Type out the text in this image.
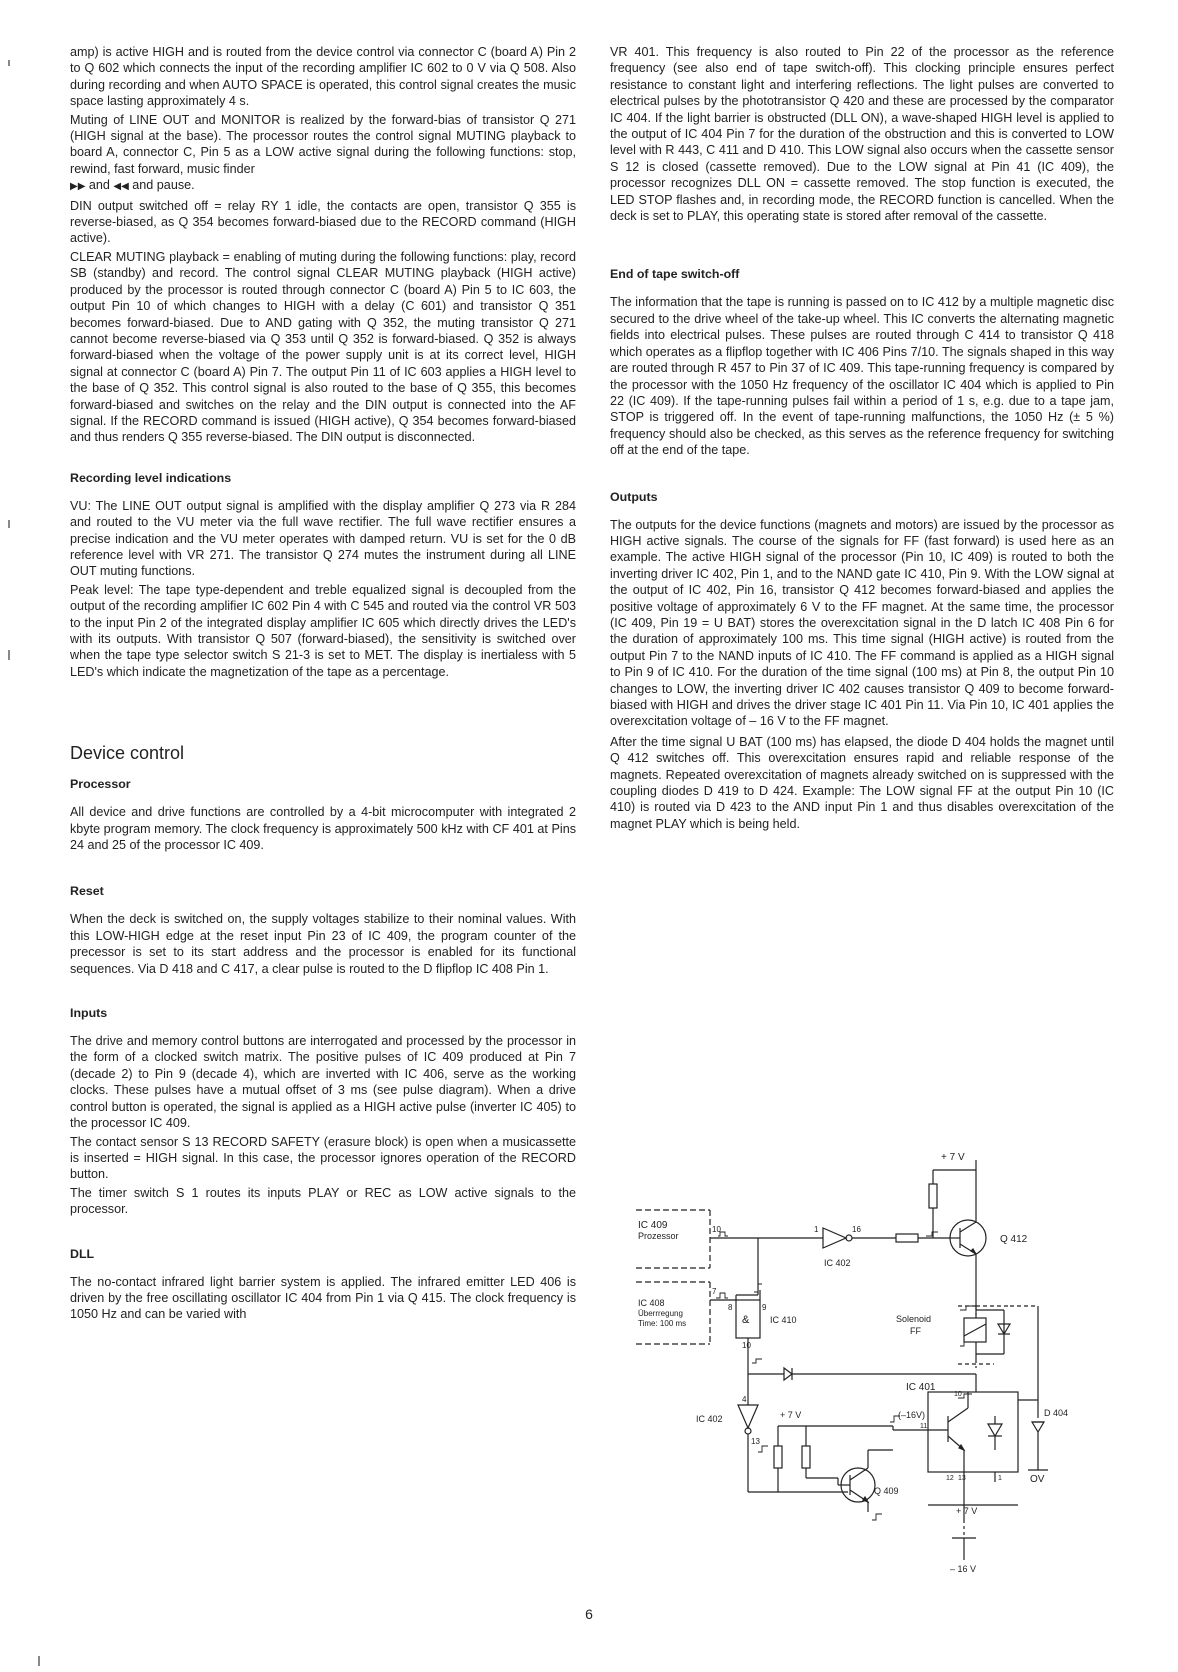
amp) is active HIGH and is routed from the device control via connector C (board A) Pin 2 to Q 602 which connects the input of the recording amplifier IC 602 to 0 V via Q 508. Also during recording and when AUTO SPACE is operated, this control signal creates the music space lasting approximately 4 s.

Muting of LINE OUT and MONITOR is realized by the forward-bias of transistor Q 271 (HIGH signal at the base). The processor routes the control signal MUTING playback to board A, connector C, Pin 5 as a LOW active signal during the following functions: stop, rewind, fast forward, music finder

▶▶ and ◀◀ and pause.

DIN output switched off = relay RY 1 idle, the contacts are open, transistor Q 355 is reverse-biased, as Q 354 becomes forward-biased due to the RECORD command (HIGH active).

CLEAR MUTING playback = enabling of muting during the following functions: play, record SB (standby) and record. The control signal CLEAR MUTING playback (HIGH active) produced by the processor is routed through connector C (board A) Pin 5 to IC 603, the output Pin 10 of which changes to HIGH with a delay (C 601) and transistor Q 351 becomes forward-biased. Due to AND gating with Q 352, the muting transistor Q 271 cannot become reverse-biased via Q 353 until Q 352 is forward-biased. Q 352 is always forward-biased when the voltage of the power supply unit is at its correct level, HIGH signal at connector C (board A) Pin 7. The output Pin 11 of IC 603 applies a HIGH level to the base of Q 352. This control signal is also routed to the base of Q 355, this becomes forward-biased and switches on the relay and the DIN output is connected into the AF signal. If the RECORD command is issued (HIGH active), Q 354 becomes forward-biased and thus renders Q 355 reverse-biased. The DIN output is disconnected.

Recording level indications

VU: The LINE OUT output signal is amplified with the display amplifier Q 273 via R 284 and routed to the VU meter via the full wave rectifier. The full wave rectifier ensures a precise indication and the VU meter operates with damped return. VU is set for the 0 dB reference level with VR 271. The transistor Q 274 mutes the instrument during all LINE OUT muting functions.

Peak level: The tape type-dependent and treble equalized signal is decoupled from the output of the recording amplifier IC 602 Pin 4 with C 545 and routed via the control VR 503 to the input Pin 2 of the integrated display amplifier IC 605 which directly drives the LED's with its outputs. With transistor Q 507 (forward-biased), the sensitivity is switched over when the tape type selector switch S 21-3 is set to MET. The display is inertialess with 5 LED's which indicate the magnetization of the tape as a percentage.

Device control
Processor

All device and drive functions are controlled by a 4-bit microcomputer with integrated 2 kbyte program memory. The clock frequency is approximately 500 kHz with CF 401 at Pins 24 and 25 of the processor IC 409.

Reset

When the deck is switched on, the supply voltages stabilize to their nominal values. With this LOW-HIGH edge at the reset input Pin 23 of IC 409, the program counter of the precessor is set to its start address and the processor is enabled for its functional sequences. Via D 418 and C 417, a clear pulse is routed to the D flipflop IC 408 Pin 1.

Inputs

The drive and memory control buttons are interrogated and processed by the processor in the form of a clocked switch matrix. The positive pulses of IC 409 produced at Pin 7 (decade 2) to Pin 9 (decade 4), which are inverted with IC 406, serve as the working clocks. These pulses have a mutual offset of 3 ms (see pulse diagram). When a drive control button is operated, the signal is applied as a HIGH active pulse (inverter IC 405) to the processor IC 409.

The contact sensor S 13 RECORD SAFETY (erasure block) is open when a musicassette is inserted = HIGH signal. In this case, the processor ignores operation of the RECORD button.

The timer switch S 1 routes its inputs PLAY or REC as LOW active signals to the processor.

DLL

The no-contact infrared light barrier system is applied. The infrared emitter LED 406 is driven by the free oscillating oscillator IC 404 from Pin 1 via Q 415. The clock frequency is 1050 Hz and can be varied with

VR 401. This frequency is also routed to Pin 22 of the processor as the reference frequency (see also end of tape switch-off). This clocking principle ensures perfect resistance to constant light and interfering reflections. The light pulses are converted to electrical pulses by the phototransistor Q 420 and these are processed by the comparator IC 404. If the light barrier is obstructed (DLL ON), a wave-shaped HIGH level is applied to the output of IC 404 Pin 7 for the duration of the obstruction and this is converted to LOW level with R 443, C 411 and D 410. This LOW signal also occurs when the cassette sensor S 12 is closed (cassette removed). Due to the LOW signal at Pin 41 (IC 409), the processor recognizes DLL ON = cassette removed. The stop function is executed, the LED STOP flashes and, in recording mode, the RECORD function is cancelled. When the deck is set to PLAY, this operating state is stored after removal of the cassette.

End of tape switch-off

The information that the tape is running is passed on to IC 412 by a multiple magnetic disc secured to the drive wheel of the take-up wheel. This IC converts the alternating magnetic fields into electrical pulses. These pulses are routed through C 414 to transistor Q 418 which operates as a flipflop together with IC 406 Pins 7/10. The signals shaped in this way are routed through R 457 to Pin 37 of IC 409. This tape-running frequency is compared by the processor with the 1050 Hz frequency of the oscillator IC 404 which is applied to Pin 22 (IC 409). If the tape-running pulses fail within a period of 1 s, e.g. due to a tape jam, STOP is triggered off. In the event of tape-running malfunctions, the 1050 Hz (± 5 %) frequency should also be checked, as this serves as the reference frequency for switching off at the end of the tape.

Outputs

The outputs for the device functions (magnets and motors) are issued by the processor as HIGH active signals. The course of the signals for FF (fast forward) is used here as an example. The active HIGH signal of the processor (Pin 10, IC 409) is routed to both the inverting driver IC 402, Pin 1, and to the NAND gate IC 410, Pin 9. With the LOW signal at the output of IC 402, Pin 16, transistor Q 412 becomes forward-biased and applies the positive voltage of approximately 6 V to the FF magnet. At the same time, the processor (IC 409, Pin 19 = U BAT) stores the overexcitation signal in the D latch IC 408 Pin 6 for the duration of approximately 100 ms. This time signal (HIGH active) is routed from the output Pin 7 to the NAND inputs of IC 410. The FF command is applied as a HIGH signal to Pin 9 of IC 410. For the duration of the time signal (100 ms) at Pin 8, the output Pin 10 changes to LOW, the inverting driver IC 402 causes transistor Q 409 to become forward-biased with HIGH and drives the driver stage IC 401 Pin 11. Via Pin 10, IC 401 applies the overexcitation voltage of – 16 V to the FF magnet.

After the time signal U BAT (100 ms) has elapsed, the diode D 404 holds the magnet until Q 412 switches off. This overexcitation ensures rapid and reliable response of the magnets. Repeated overexcitation of magnets already switched on is suppressed with the coupling diodes D 419 to D 424. Example: The LOW signal FF at the output Pin 10 (IC 410) is routed via D 423 to the AND input Pin 1 and thus disables overexcitation of the magnet PLAY which is being held.

+ 7 V
IC 409
Prozessor
10	1	16
IC 402
Q 412
IC 408
Überrregung
Time: 100 ms
7
8	9
10
& IC 410	Solenoid
FF
IC 401
10
4
13
IC 402	+ 7 V	(–16V)
11
D 404
12 13	1	OV
Q 409
+ 7 V
– 16 V
6
